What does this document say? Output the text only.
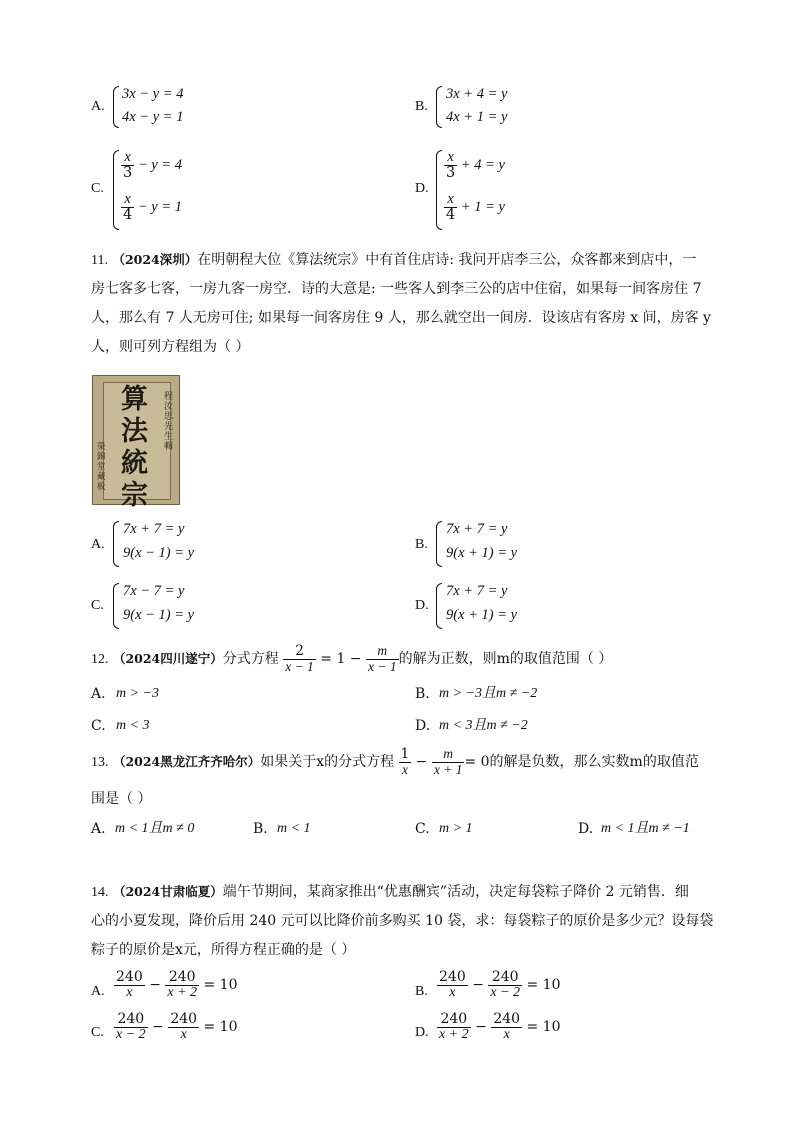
A.
3x − y = 4
4x − y = 1
B.
3x + 4 = y
4x + 1 = y
C.
$\frac{x}{3} - y = 4$
$\frac{x}{4} - y = 1$
D.
$\frac{x}{3} + 4 = y$
$\frac{x}{4} + 1 = y$
11. （2024深圳）在明朝程大位《算法统宗》中有首住店诗: 我问开店李三公，众客都来到店中，一
房七客多七客，一房九客一房空．诗的大意是: 一些客人到李三公的店中住宿，如果每一间客房住 7
人，那么有 7 人无房可住; 如果每一间客房住 9 人，那么就空出一间房．设该店有客房 x 间，房客 y
人，则可列方程组为（ ）
算法統宗
程汝思先生輯
榮錦堂藏板
A.
7x + 7 = y
9(x − 1) = y
B.
7x + 7 = y
9(x + 1) = y
C.
7x − 7 = y
9(x − 1) = y
D.
7x + 7 = y
9(x + 1) = y
12. （2024四川遂宁）分式方程 $\frac{2}{x - 1} = 1 - \frac{m}{x - 1}$ 的解为正数，则m的取值范围（ ）
A. m > −3	B. m > −3且m ≠ −2
C. m < 3	D. m < 3且m ≠ −2
13. （2024黑龙江齐齐哈尔）如果关于x的分式方程 $\frac{1}{x} - \frac{m}{x + 1} = 0$的解是负数，那么实数m的取值范
围是（ ）
A. m < 1且m ≠ 0	B. m < 1	C. m > 1	D. m < 1且m ≠ −1
14. （2024甘肃临夏）端午节期间，某商家推出“优惠酬宾”活动，决定每袋粽子降价 2 元销售．细
心的小夏发现，降价后用 240 元可以比降价前多购买 10 袋，求：每袋粽子的原价是多少元？设每袋
粽子的原价是x元，所得方程正确的是（ ）
A. $\frac{240}{x} - \frac{240}{x + 2} = 10$	B. $\frac{240}{x} - \frac{240}{x - 2} = 10$
C. $\frac{240}{x - 2} - \frac{240}{x} = 10$	D. $\frac{240}{x + 2} - \frac{240}{x} = 10$
